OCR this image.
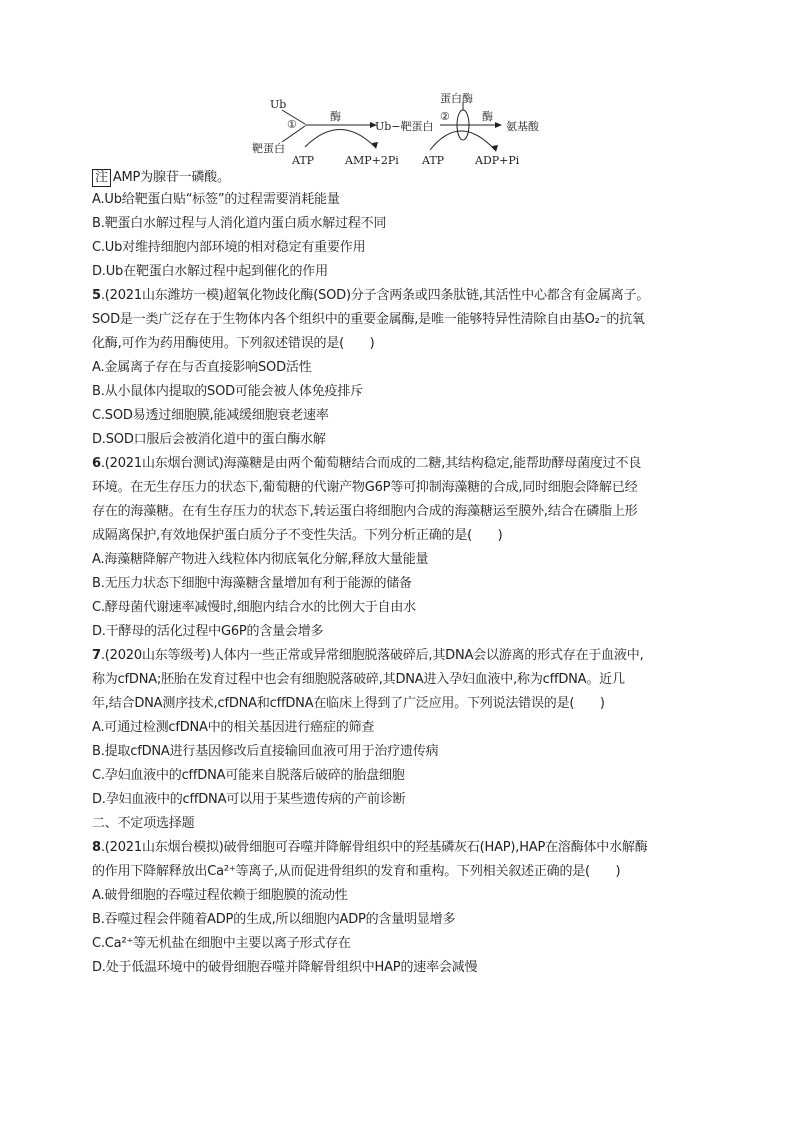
Ub
靶蛋白
①
酶
Ub−靶蛋白
蛋白酶
②	酶
氨基酸
ATP	AMP+2Pi ATP	ADP+Pi
注 AMP为腺苷一磷酸。
A.Ub给靶蛋白贴“标签”的过程需要消耗能量
B.靶蛋白水解过程与人消化道内蛋白质水解过程不同
C.Ub对维持细胞内部环境的相对稳定有重要作用
D.Ub在靶蛋白水解过程中起到催化的作用
5.(2021山东潍坊一模)超氧化物歧化酶(SOD)分子含两条或四条肽链,其活性中心都含有金属离子。
SOD是一类广泛存在于生物体内各个组织中的重要金属酶,是唯一能够特异性清除自由基O₂⁻的抗氧
化酶,可作为药用酶使用。下列叙述错误的是(　　)
A.金属离子存在与否直接影响SOD活性
B.从小鼠体内提取的SOD可能会被人体免疫排斥
C.SOD易透过细胞膜,能减缓细胞衰老速率
D.SOD口服后会被消化道中的蛋白酶水解
6.(2021山东烟台测试)海藻糖是由两个葡萄糖结合而成的二糖,其结构稳定,能帮助酵母菌度过不良
环境。在无生存压力的状态下,葡萄糖的代谢产物G6P等可抑制海藻糖的合成,同时细胞会降解已经
存在的海藻糖。在有生存压力的状态下,转运蛋白将细胞内合成的海藻糖运至膜外,结合在磷脂上形
成隔离保护,有效地保护蛋白质分子不变性失活。下列分析正确的是(　　)
A.海藻糖降解产物进入线粒体内彻底氧化分解,释放大量能量
B.无压力状态下细胞中海藻糖含量增加有利于能源的储备
C.酵母菌代谢速率减慢时,细胞内结合水的比例大于自由水
D.干酵母的活化过程中G6P的含量会增多
7.(2020山东等级考)人体内一些正常或异常细胞脱落破碎后,其DNA会以游离的形式存在于血液中,
称为cfDNA;胚胎在发育过程中也会有细胞脱落破碎,其DNA进入孕妇血液中,称为cffDNA。近几
年,结合DNA测序技术,cfDNA和cffDNA在临床上得到了广泛应用。下列说法错误的是(　　)
A.可通过检测cfDNA中的相关基因进行癌症的筛查
B.提取cfDNA进行基因修改后直接输回血液可用于治疗遗传病
C.孕妇血液中的cffDNA可能来自脱落后破碎的胎盘细胞
D.孕妇血液中的cffDNA可以用于某些遗传病的产前诊断
二、不定项选择题
8.(2021山东烟台模拟)破骨细胞可吞噬并降解骨组织中的羟基磷灰石(HAP),HAP在溶酶体中水解酶
的作用下降解释放出Ca²⁺等离子,从而促进骨组织的发育和重构。下列相关叙述正确的是(　　)
A.破骨细胞的吞噬过程依赖于细胞膜的流动性
B.吞噬过程会伴随着ADP的生成,所以细胞内ADP的含量明显增多
C.Ca²⁺等无机盐在细胞中主要以离子形式存在
D.处于低温环境中的破骨细胞吞噬并降解骨组织中HAP的速率会减慢
